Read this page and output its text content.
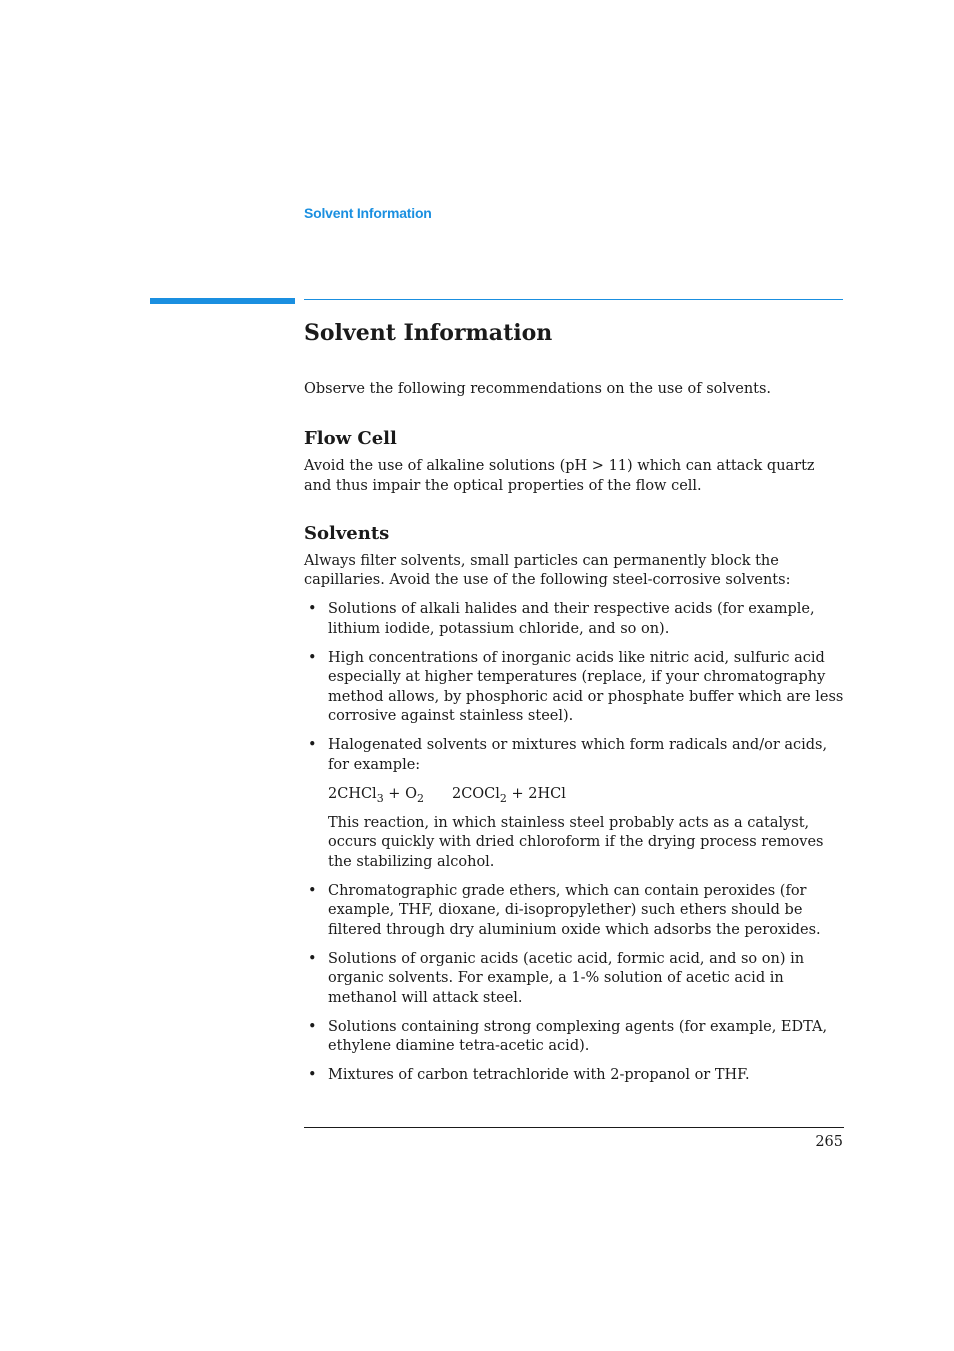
Solvent Information
Solvent Information

Observe the following recommendations on the use of solvents.

Flow Cell

Avoid the use of alkaline solutions (pH > 11) which can attack quartz and thus impair the optical properties of the flow cell.

Solvents

Always filter solvents, small particles can permanently block the capillaries. Avoid the use of the following steel-corrosive solvents:

• Solutions of alkali halides and their respective acids (for example, lithium iodide, potassium chloride, and so on).
• High concentrations of inorganic acids like nitric acid, sulfuric acid especially at higher temperatures (replace, if your chromatography method allows, by phosphoric acid or phosphate buffer which are less corrosive against stainless steel).
• Halogenated solvents or mixtures which form radicals and/or acids, for example:
2CHCl$_3$ + $O_2$ 2COCl$_2$ + 2HCl
This reaction, in which stainless steel probably acts as a catalyst, occurs quickly with dried chloroform if the drying process removes the stabilizing alcohol.
• Chromatographic grade ethers, which can contain peroxides (for example, THF, dioxane, di-isopropylether) such ethers should be filtered through dry aluminium oxide which adsorbs the peroxides.
• Solutions of organic acids (acetic acid, formic acid, and so on) in organic solvents. For example, a 1-% solution of acetic acid in methanol will attack steel.
• Solutions containing strong complexing agents (for example, EDTA, ethylene diamine tetra-acetic acid).
• Mixtures of carbon tetrachloride with 2-propanol or THF.
265
